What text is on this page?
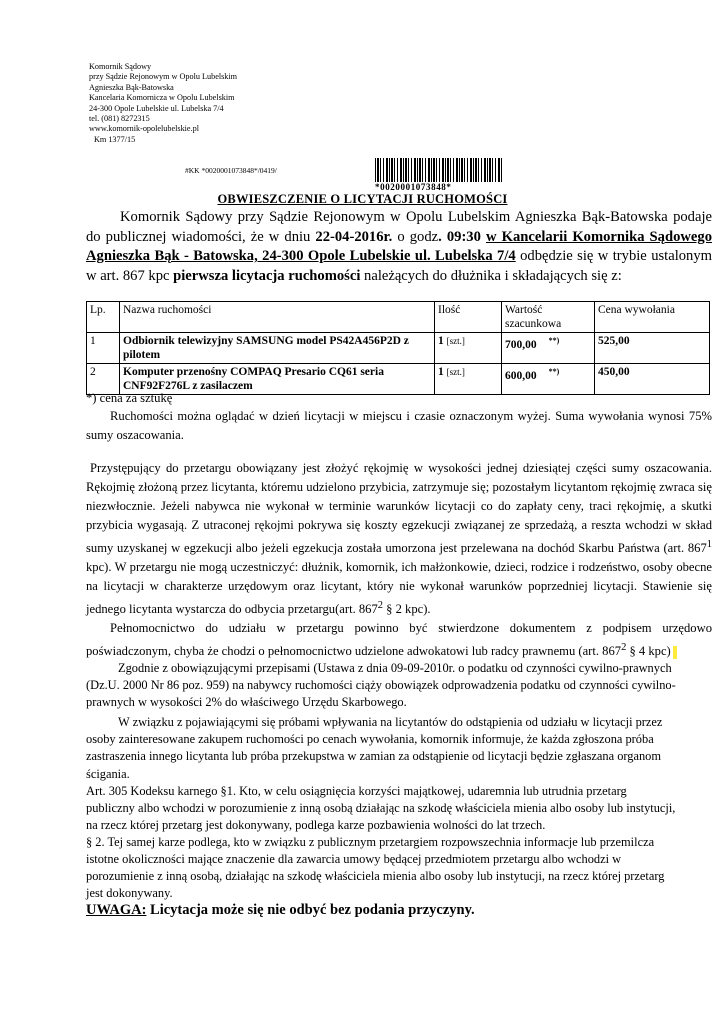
Komornik Sądowy
przy Sądzie Rejonowym w Opolu Lubelskim
Agnieszka Bąk-Batowska
Kancelaria Komornicza w Opolu Lubelskim
24-300 Opole Lubelskie ul. Lubelska 7/4
tel. (081) 8272315
www.komornik-opolelubelskie.pl
Km 1377/15
#KK *0020001073848*/0419/
*0020001073848*
OBWIESZCZENIE O LICYTACJI RUCHOMOŚCI

Komornik Sądowy przy Sądzie Rejonowym w Opolu Lubelskim Agnieszka Bąk-Batowska podaje do publicznej wiadomości, że w dniu 22-04-2016r. o godz. 09:30 w Kancelarii Komornika Sądowego Agnieszka Bąk - Batowska, 24-300 Opole Lubelskie ul. Lubelska 7/4 odbędzie się w trybie ustalonym w art. 867 kpc pierwsza licytacja ruchomości należących do dłużnika i składających się z:

Lp.	Nazwa ruchomości	Ilość	Wartość szacunkowa	Cena wywołania
1	Odbiornik telewizyjny SAMSUNG model PS42A456P2D z pilotem	1 [szt.]	700,00 **)	525,00
2	Komputer przenośny COMPAQ Presario CQ61 seria CNF92F276L z zasilaczem	1 [szt.]	600,00 **)	450,00

*) cena za sztukę

Ruchomości można oglądać w dzień licytacji w miejscu i czasie oznaczonym wyżej. Suma wywołania wynosi 75% sumy oszacowania.

Przystępujący do przetargu obowiązany jest złożyć rękojmię w wysokości jednej dziesiątej części sumy oszacowania. Rękojmię złożoną przez licytanta, któremu udzielono przybicia, zatrzymuje się; pozostałym licytantom rękojmię zwraca się niezwłocznie. Jeżeli nabywca nie wykonał w terminie warunków licytacji co do zapłaty ceny, traci rękojmię, a skutki przybicia wygasają. Z utraconej rękojmi pokrywa się koszty egzekucji związanej ze sprzedażą, a reszta wchodzi w skład sumy uzyskanej w egzekucji albo jeżeli egzekucja została umorzona jest przelewana na dochód Skarbu Państwa (art. $867^1$ kpc). W przetargu nie mogą uczestniczyć: dłużnik, komornik, ich małżonkowie, dzieci, rodzice i rodzeństwo, osoby obecne na licytacji w charakterze urzędowym oraz licytant, który nie wykonał warunków poprzedniej licytacji. Stawienie się jednego licytanta wystarcza do odbycia przetargu(art. $867^2$ § 2 kpc).

Pełnomocnictwo do udziału w przetargu powinno być stwierdzone dokumentem z podpisem urzędowo poświadczonym, chyba że chodzi o pełnomocnictwo udzielone adwokatowi lub radcy prawnemu (art. $867^2$ § 4 kpc)

Zgodnie z obowiązującymi przepisami (Ustawa z dnia 09-09-2010r. o podatku od czynności cywilno-prawnych (Dz.U. 2000 Nr 86 poz. 959) na nabywcy ruchomości ciąży obowiązek odprowadzenia podatku od czynności cywilno-prawnych w wysokości 2% do właściwego Urzędu Skarbowego.

W związku z pojawiającymi się próbami wpływania na licytantów do odstąpienia od udziału w licytacji przez osoby zainteresowane zakupem ruchomości po cenach wywołania, komornik informuje, że każda zgłoszona próba zastraszenia innego licytanta lub próba przekupstwa w zamian za odstąpienie od licytacji będzie zgłaszana organom ścigania.

Art. 305 Kodeksu karnego §1. Kto, w celu osiągnięcia korzyści majątkowej, udaremnia lub utrudnia przetarg publiczny albo wchodzi w porozumienie z inną osobą działając na szkodę właściciela mienia albo osoby lub instytucji, na rzecz której przetarg jest dokonywany, podlega karze pozbawienia wolności do lat trzech.

§ 2. Tej samej karze podlega, kto w związku z publicznym przetargiem rozpowszechnia informacje lub przemilcza istotne okoliczności mające znaczenie dla zawarcia umowy będącej przedmiotem przetargu albo wchodzi w porozumienie z inną osobą, działając na szkodę właściciela mienia albo osoby lub instytucji, na rzecz której przetarg jest dokonywany.

UWAGA: Licytacja może się nie odbyć bez podania przyczyny.
